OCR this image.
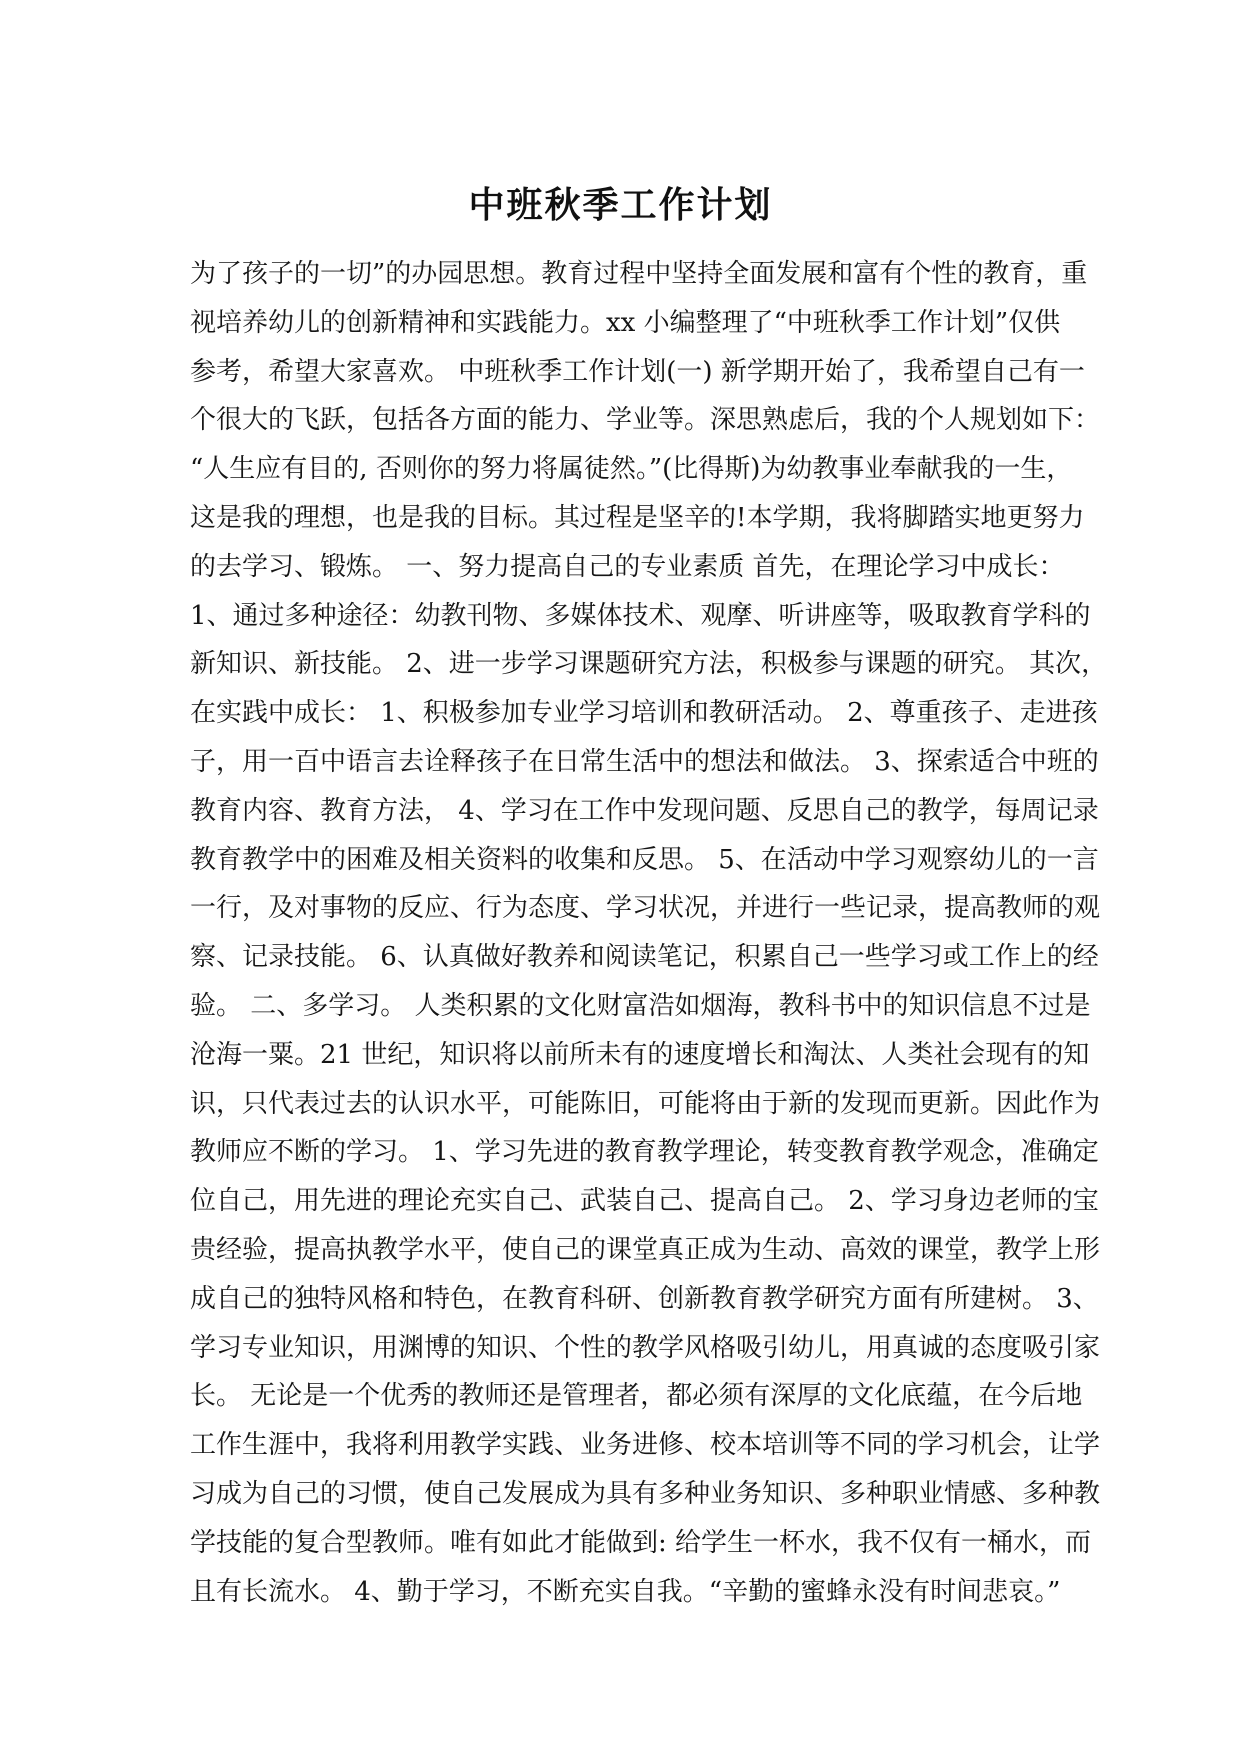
中班秋季工作计划
为了孩子的一切”的办园思想。教育过程中坚持全面发展和富有个性的教育，重
视培养幼儿的创新精神和实践能力。xx 小编整理了“中班秋季工作计划”仅供
参考，希望大家喜欢。 中班秋季工作计划(一) 新学期开始了，我希望自己有一
个很大的飞跃，包括各方面的能力、学业等。深思熟虑后，我的个人规划如下：
“人生应有目的, 否则你的努力将属徒然。”(比得斯)为幼教事业奉献我的一生，
这是我的理想，也是我的目标。其过程是坚辛的!本学期，我将脚踏实地更努力
的去学习、锻炼。 一、努力提高自己的专业素质 首先，在理论学习中成长：
1、通过多种途径：幼教刊物、多媒体技术、观摩、听讲座等，吸取教育学科的
新知识、新技能。 2、进一步学习课题研究方法，积极参与课题的研究。 其次，
在实践中成长： 1、积极参加专业学习培训和教研活动。 2、尊重孩子、走进孩
子，用一百中语言去诠释孩子在日常生活中的想法和做法。 3、探索适合中班的
教育内容、教育方法， 4、学习在工作中发现问题、反思自己的教学，每周记录
教育教学中的困难及相关资料的收集和反思。 5、在活动中学习观察幼儿的一言
一行，及对事物的反应、行为态度、学习状况，并进行一些记录，提高教师的观
察、记录技能。 6、认真做好教养和阅读笔记，积累自己一些学习或工作上的经
验。 二、多学习。 人类积累的文化财富浩如烟海，教科书中的知识信息不过是
沧海一粟。21 世纪，知识将以前所未有的速度增长和淘汰、人类社会现有的知
识，只代表过去的认识水平，可能陈旧，可能将由于新的发现而更新。因此作为
教师应不断的学习。 1、学习先进的教育教学理论，转变教育教学观念，准确定
位自己，用先进的理论充实自己、武装自己、提高自己。 2、学习身边老师的宝
贵经验，提高执教学水平，使自己的课堂真正成为生动、高效的课堂，教学上形
成自己的独特风格和特色，在教育科研、创新教育教学研究方面有所建树。 3、
学习专业知识，用渊博的知识、个性的教学风格吸引幼儿，用真诚的态度吸引家
长。 无论是一个优秀的教师还是管理者，都必须有深厚的文化底蕴，在今后地
工作生涯中，我将利用教学实践、业务进修、校本培训等不同的学习机会，让学
习成为自己的习惯，使自己发展成为具有多种业务知识、多种职业情感、多种教
学技能的复合型教师。唯有如此才能做到: 给学生一杯水，我不仅有一桶水，而
且有长流水。 4、勤于学习，不断充实自我。“辛勤的蜜蜂永没有时间悲哀。”
